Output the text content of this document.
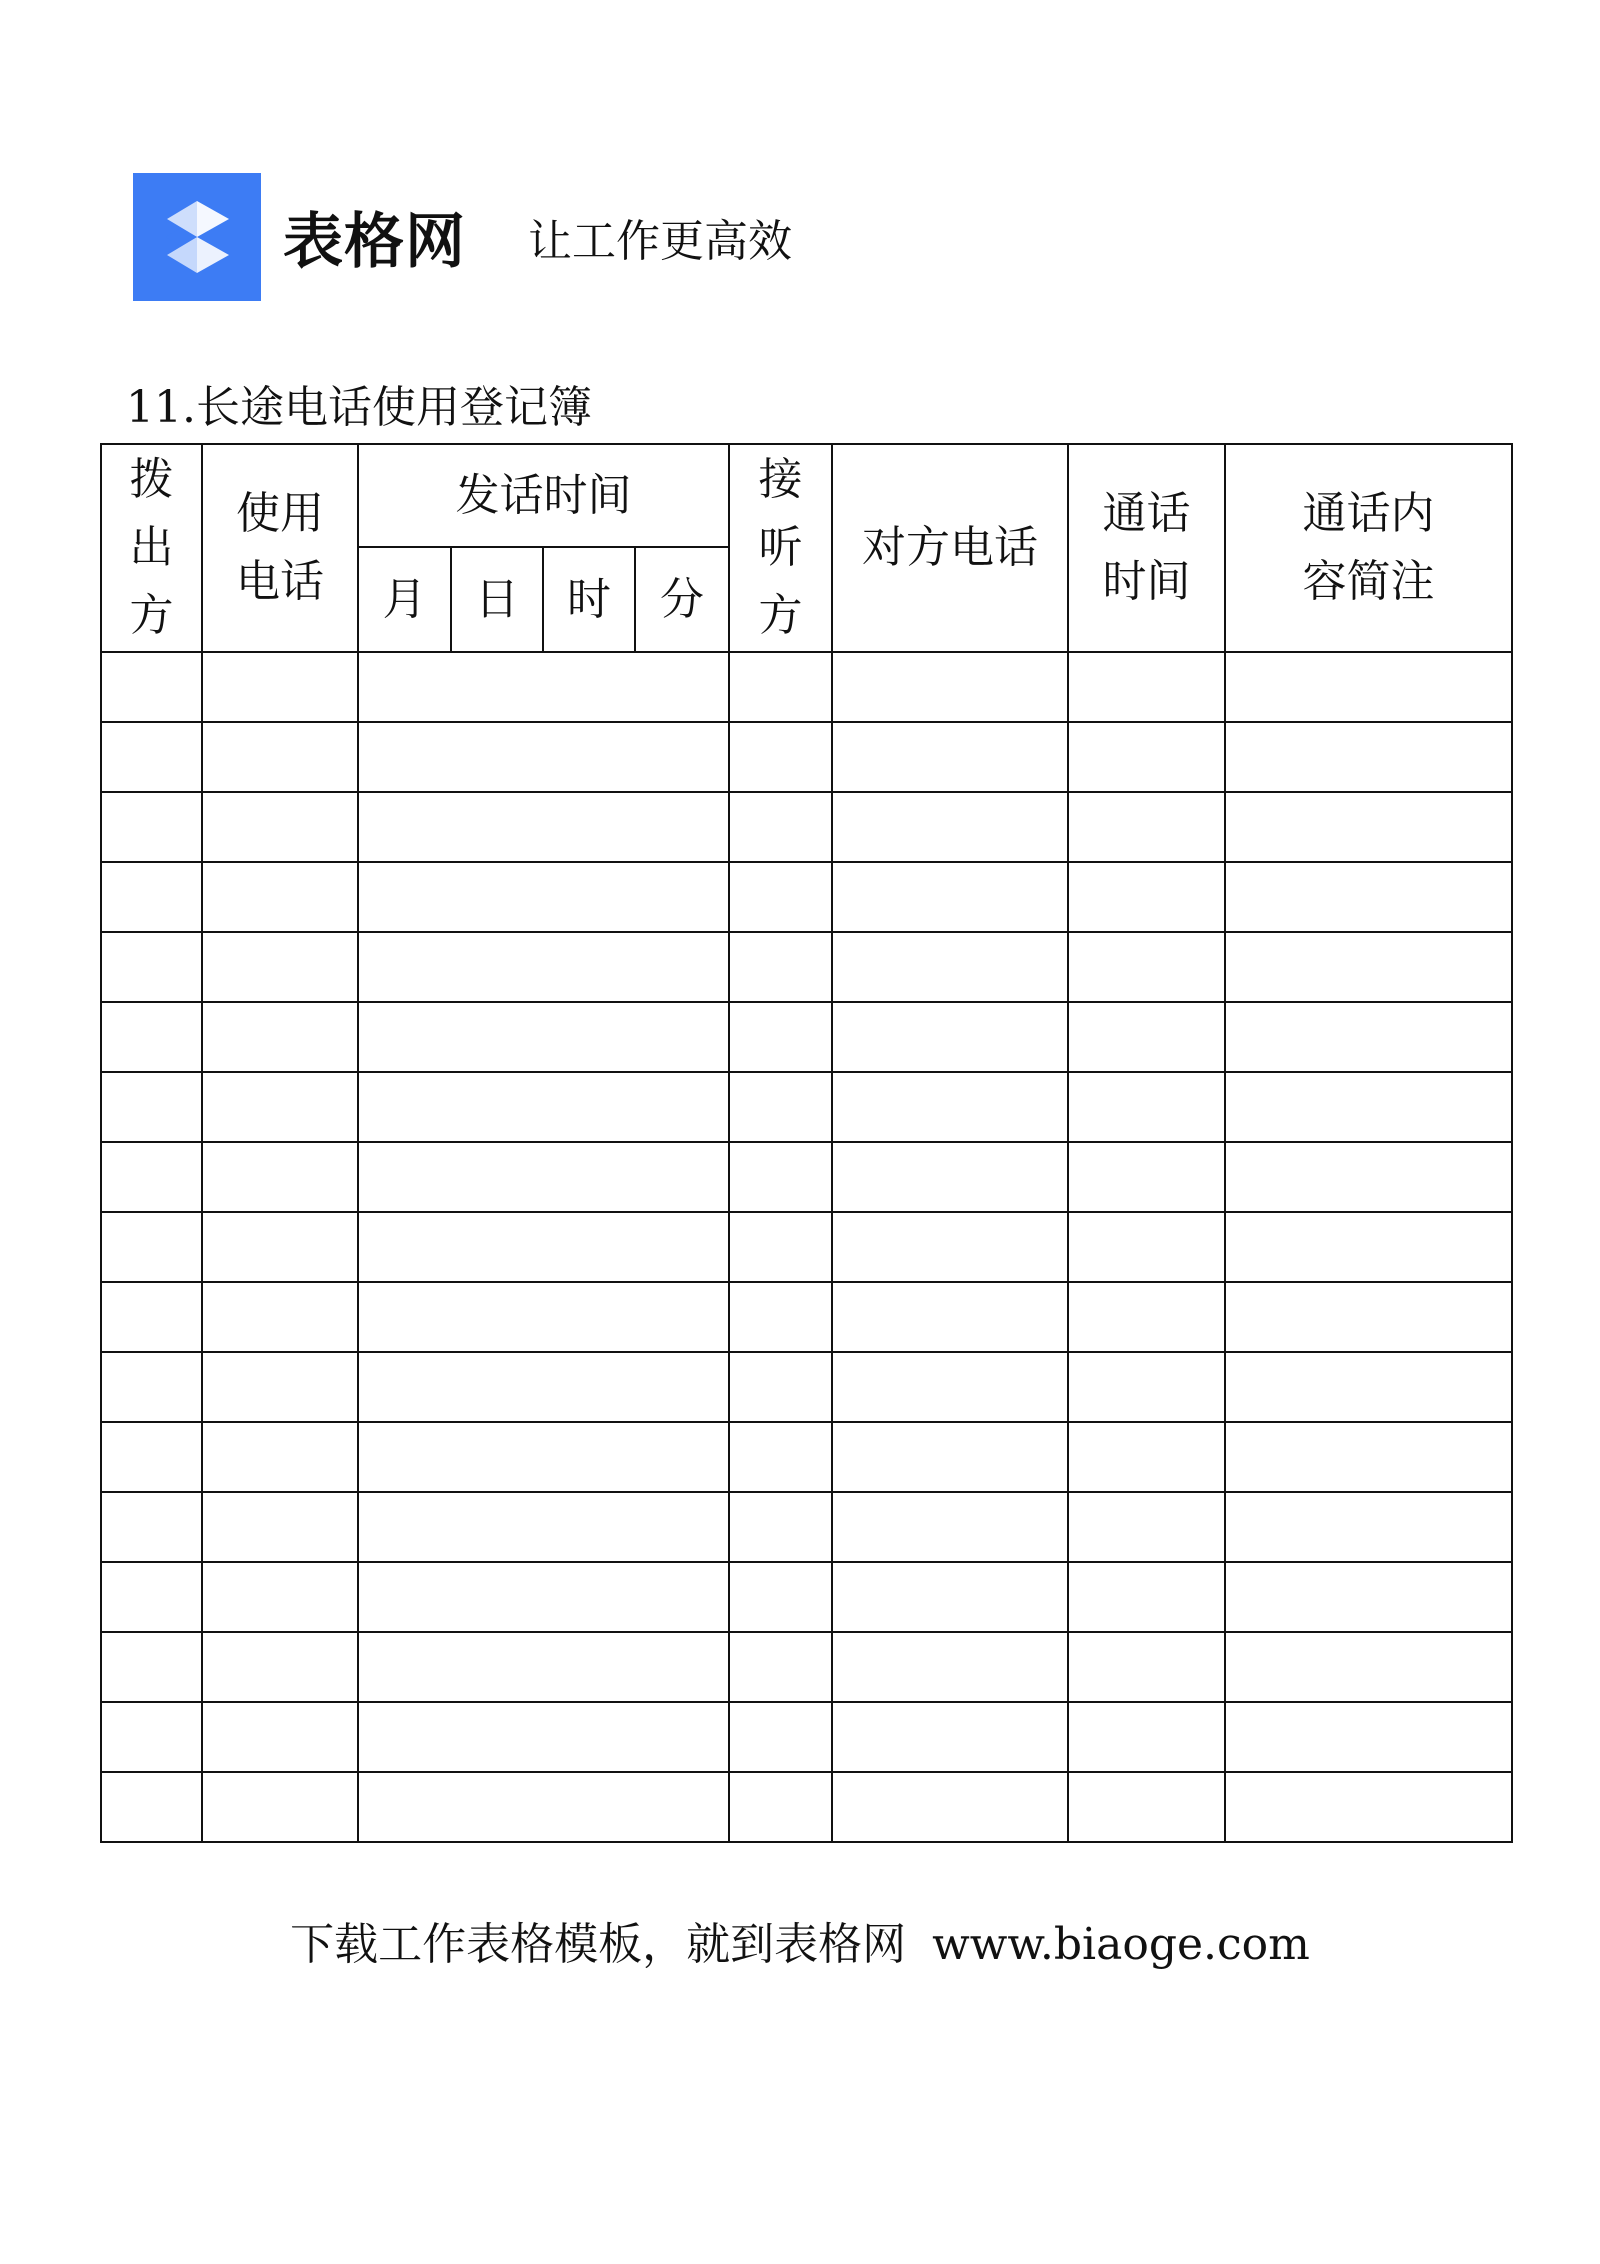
表格网 让工作更高效
11.长途电话使用登记簿
拨出方	使用电话	发话时间				接听方	对方电话	通话时间	通话内容简注

		月	日	时	分				

下载工作表格模板，就到表格网 www.biaoge.com
